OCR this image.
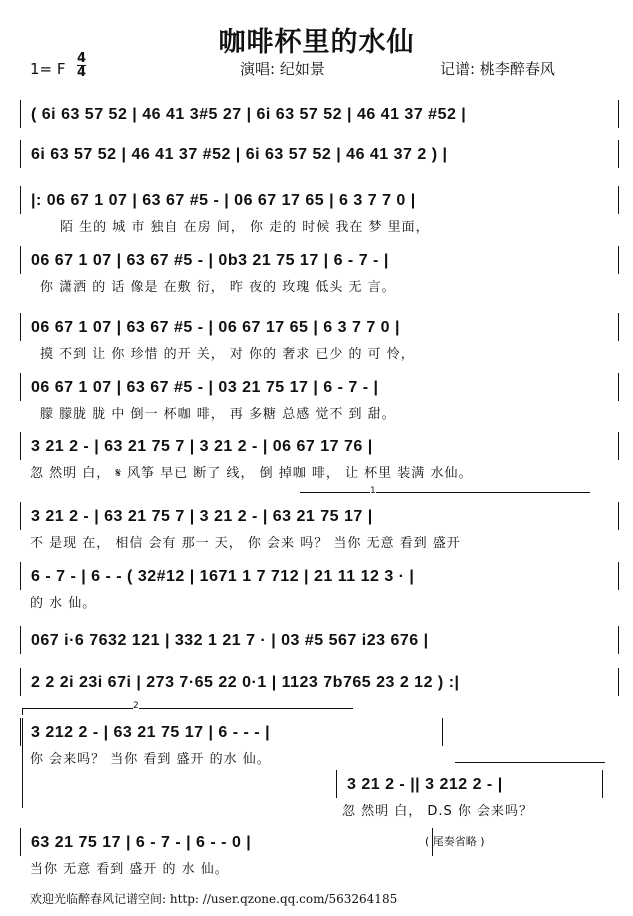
咖啡杯里的水仙
1= F
4
4	演唱: 纪如景	记谱: 桃李醉春风
( 6i 63 57 52 | 46 41 3#5 27 | 6i 63 57 52 | 46 41 37 #52 |
6i 63 57 52 | 46 41 37 #52 | 6i 63 57 52 | 46 41 37 2 ) |
|: 06 67 1 07 | 63 67 #5 - | 06 67 17 65 | 6 3 7 7 0 |
陌 生的 城 市 独自 在房 间， 你 走的 时候 我在 梦 里面，
06 67 1 07 | 63 67 #5 - | 0b3 21 75 17 | 6 - 7 - |
你 潇洒 的 话 像是 在敷 衍， 昨 夜的 玫瑰 低头 无 言。
06 67 1 07 | 63 67 #5 - | 06 67 17 65 | 6 3 7 7 0 |
摸 不到 让 你 珍惜 的开 关， 对 你的 奢求 已少 的 可 怜，
06 67 1 07 | 63 67 #5 - | 03 21 75 17 | 6 - 7 - |
朦 朦胧 胧 中 倒一 杯咖 啡， 再 多糖 总感 觉不 到 甜。
3 21 2 - | 63 21 75 7 | 3 21 2 - | 06 67 17 76 |
忽 然明 白， 𝄋 风筝 早已 断了 线， 倒 掉咖 啡， 让 杯里 装满 水仙。
1
3 21 2 - | 63 21 75 7 | 3 21 2 - | 63 21 75 17 |
不 是现 在， 相信 会有 那一 天， 你 会来 吗？ 当你 无意 看到 盛开
6 - 7 - | 6 - - ( 32#12 | 1671 1 7 712 | 21 11 12 3 · |
的 水 仙。
067 i·6 7632 121 | 332 1 21 7 · | 03 #5 567 i23 676 |
2 2 2i 23i 67i | 273 7·65 22 0·1 | 1123 7b765 23 2 12 ) :|
2
3 212 2 - | 63 21 75 17 | 6 - - - |
你 会来吗？ 当你 看到 盛开 的水 仙。
3 21 2 - || 3 212 2 - |
忽 然明 白， D.S 你 会来吗？
63 21 75 17 | 6 - 7 - | 6 - - 0 |
当你 无意 看到 盛开 的 水 仙。
( 尾奏省略 )
欢迎光临醉春风记谱空间: http: //user.qzone.qq.com/563264185
